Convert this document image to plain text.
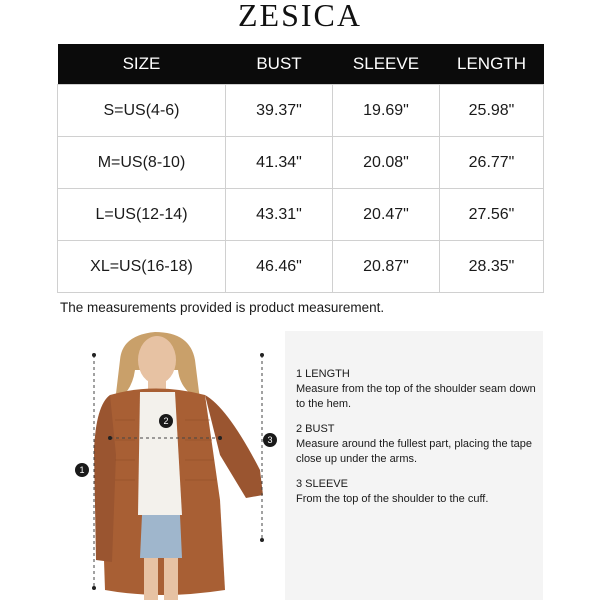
ZESICA
SIZE	BUST	SLEEVE	LENGTH
S=US(4-6)	39.37"	19.69"	25.98"
M=US(8-10)	41.34"	20.08"	26.77"
L=US(12-14)	43.31"	20.47"	27.56"
XL=US(16-18)	46.46"	20.87"	28.35"
The measurements provided is product measurement.
1
2
3
1 LENGTH
Measure from the top of the shoulder seam down to the hem.
2 BUST
Measure around the fullest part, placing the tape close up under the arms.
3 SLEEVE
From the top of the shoulder to the cuff.
